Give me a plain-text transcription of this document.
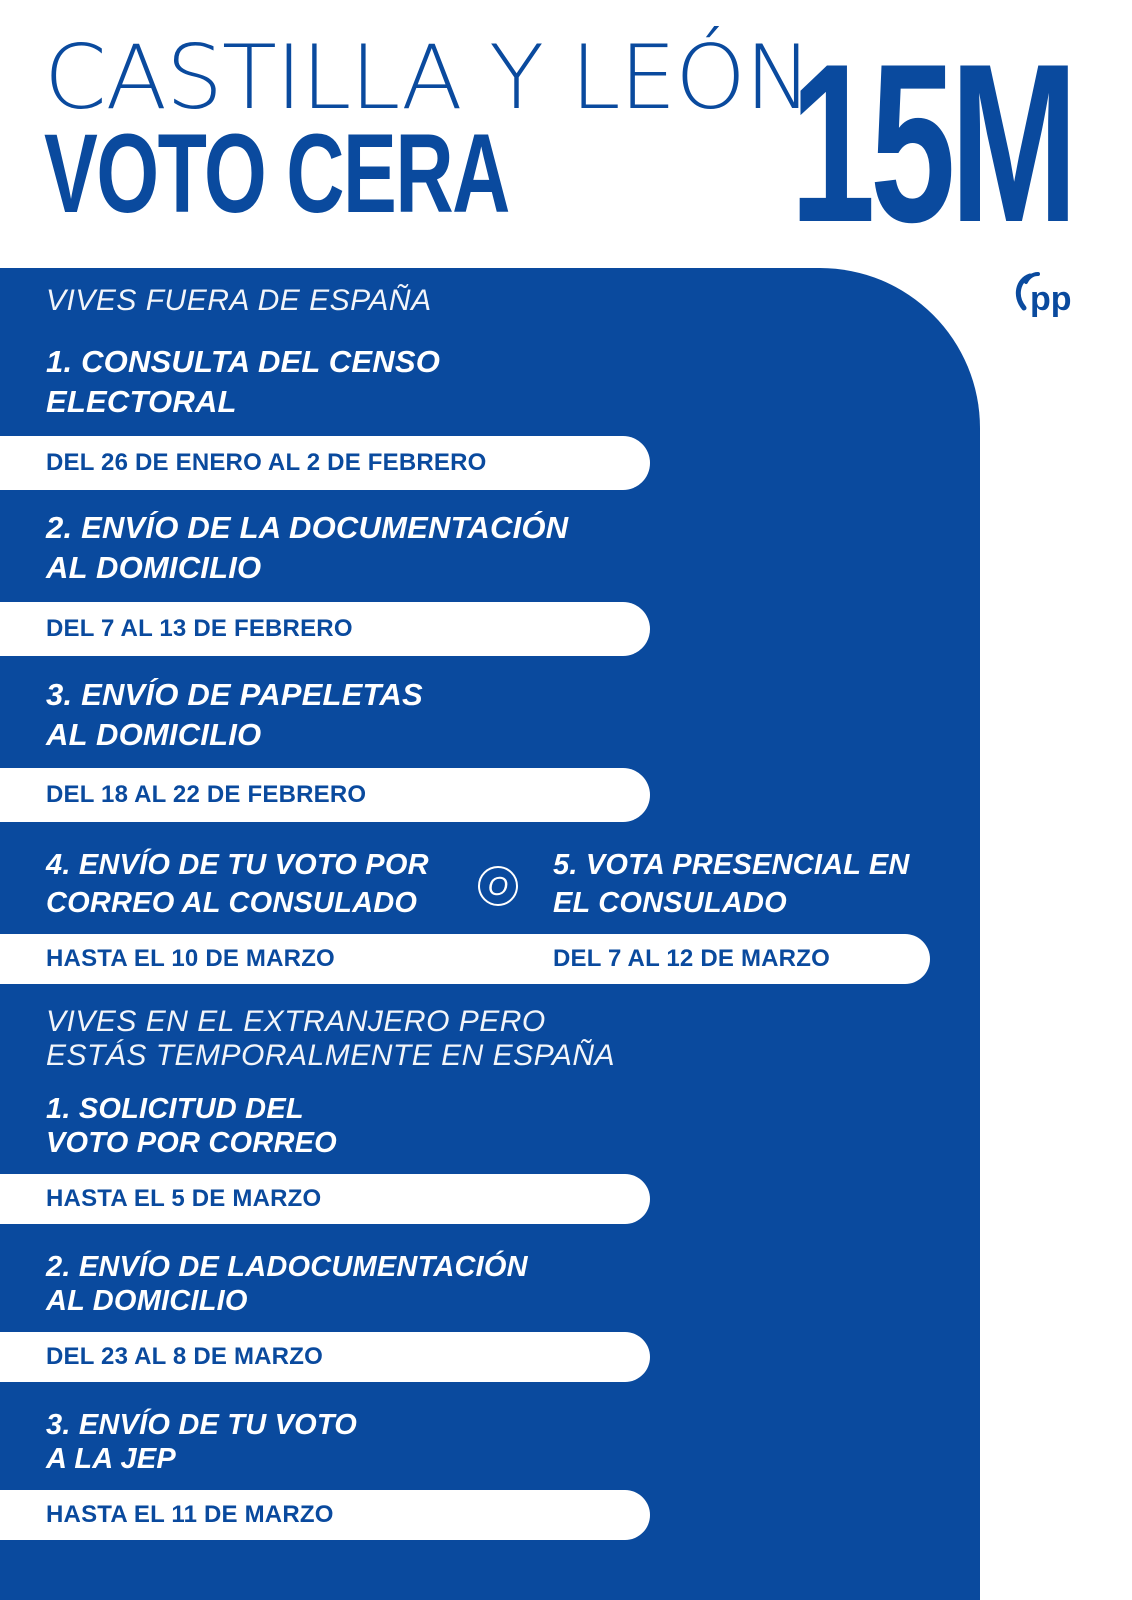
CASTILLA Y LEÓN
VOTO CERA 15M
pp
VIVES FUERA DE ESPAÑA
1. CONSULTA DEL CENSO
ELECTORAL
DEL 26 DE ENERO AL 2 DE FEBRERO
2. ENVÍO DE LA DOCUMENTACIÓN
AL DOMICILIO
DEL 7 AL 13 DE FEBRERO
3. ENVÍO DE PAPELETAS
AL DOMICILIO
DEL 18 AL 22 DE FEBRERO
4. ENVÍO DE TU VOTO POR
CORREO AL CONSULADO
O
5. VOTA PRESENCIAL EN
EL CONSULADO
HASTA EL 10 DE MARZO	DEL 7 AL 12 DE MARZO
VIVES EN EL EXTRANJERO PERO
ESTÁS TEMPORALMENTE EN ESPAÑA
1. SOLICITUD DEL
VOTO POR CORREO
HASTA EL 5 DE MARZO
2. ENVÍO DE LADOCUMENTACIÓN
AL DOMICILIO
DEL 23 AL 8 DE MARZO
3. ENVÍO DE TU VOTO
A LA JEP
HASTA EL 11 DE MARZO
